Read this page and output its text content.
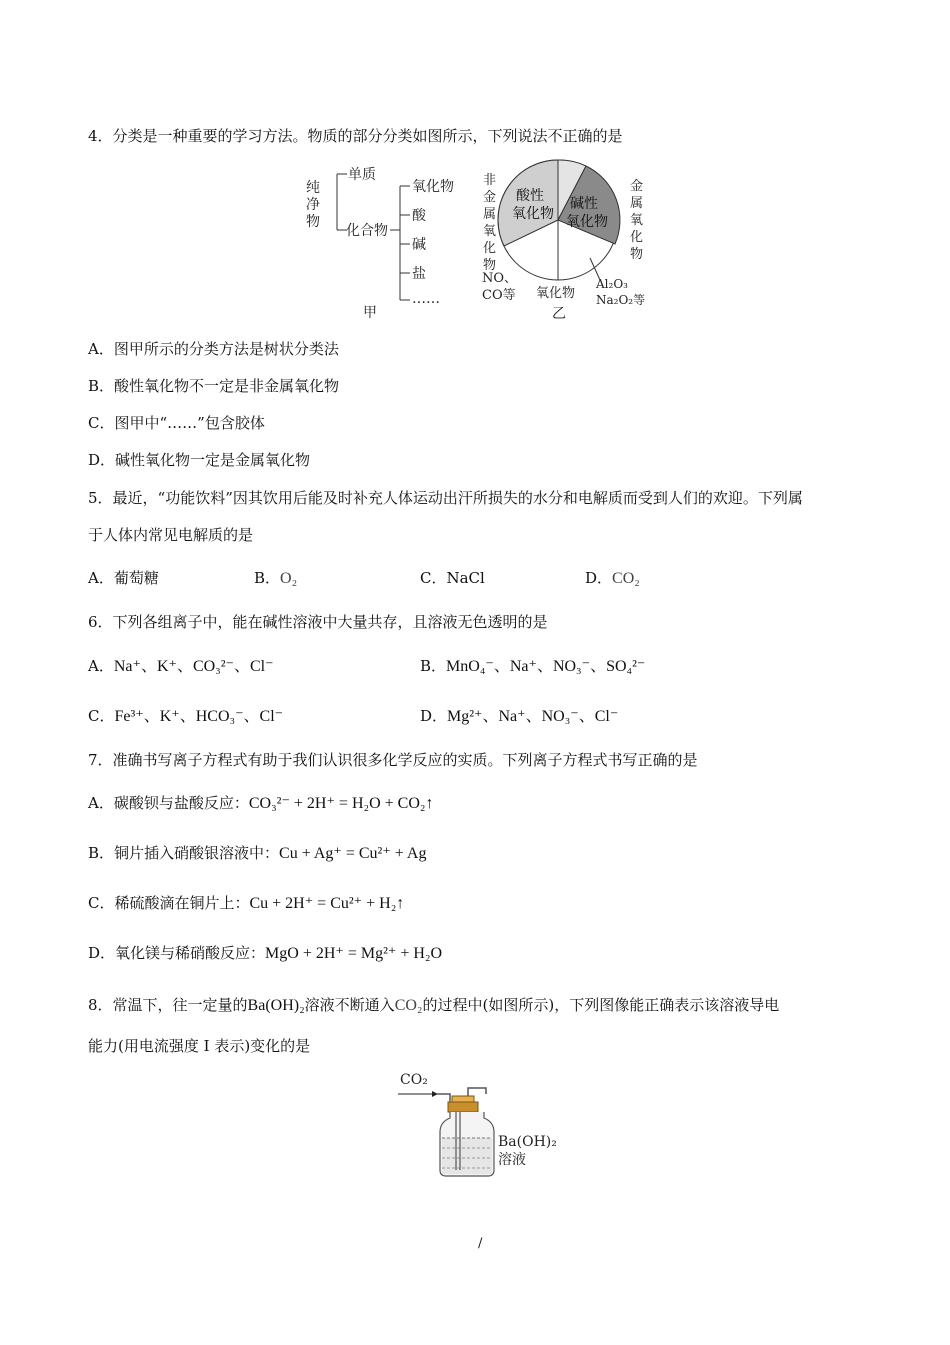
4．分类是一种重要的学习方法。物质的部分分类如图所示，下列说法不正确的是
纯
净
物
单质
化合物
氧化物
酸
碱
盐
……
甲
酸性
氧化物
碱性
氧化物
非
金
属
氧
化
物
金
属
氧
化
物
NO、
CO等 氧化物
Al₂O₃
Na₂O₂等
乙
A．图甲所示的分类方法是树状分类法
B．酸性氧化物不一定是非金属氧化物
C．图甲中“……”包含胶体
D．碱性氧化物一定是金属氧化物
5．最近，“功能饮料”因其饮用后能及时补充人体运动出汗所损失的水分和电解质而受到人们的欢迎。下列属
于人体内常见电解质的是
A．葡萄糖	B．O₂	C．NaCl	D．CO₂
6．下列各组离子中，能在碱性溶液中大量共存，且溶液无色透明的是
A．Na⁺、K⁺、CO₃²⁻、Cl⁻	B．MnO₄⁻、Na⁺、NO₃⁻、SO₄²⁻
C．Fe³⁺、K⁺、HCO₃⁻、Cl⁻	D．Mg²⁺、Na⁺、NO₃⁻、Cl⁻
7．准确书写离子方程式有助于我们认识很多化学反应的实质。下列离子方程式书写正确的是
A．碳酸钡与盐酸反应：CO₃²⁻ + 2H⁺ = H₂O + CO₂↑
B．铜片插入硝酸银溶液中：Cu + Ag⁺ = Cu²⁺ + Ag
C．稀硫酸滴在铜片上：Cu + 2H⁺ = Cu²⁺ + H₂↑
D．氧化镁与稀硝酸反应：MgO + 2H⁺ = Mg²⁺ + H₂O
8．常温下，往一定量的Ba(OH)₂溶液不断通入CO₂的过程中(如图所示)，下列图像能正确表示该溶液导电
能力(用电流强度 I 表示)变化的是
CO₂
Ba(OH)₂
溶液
/
